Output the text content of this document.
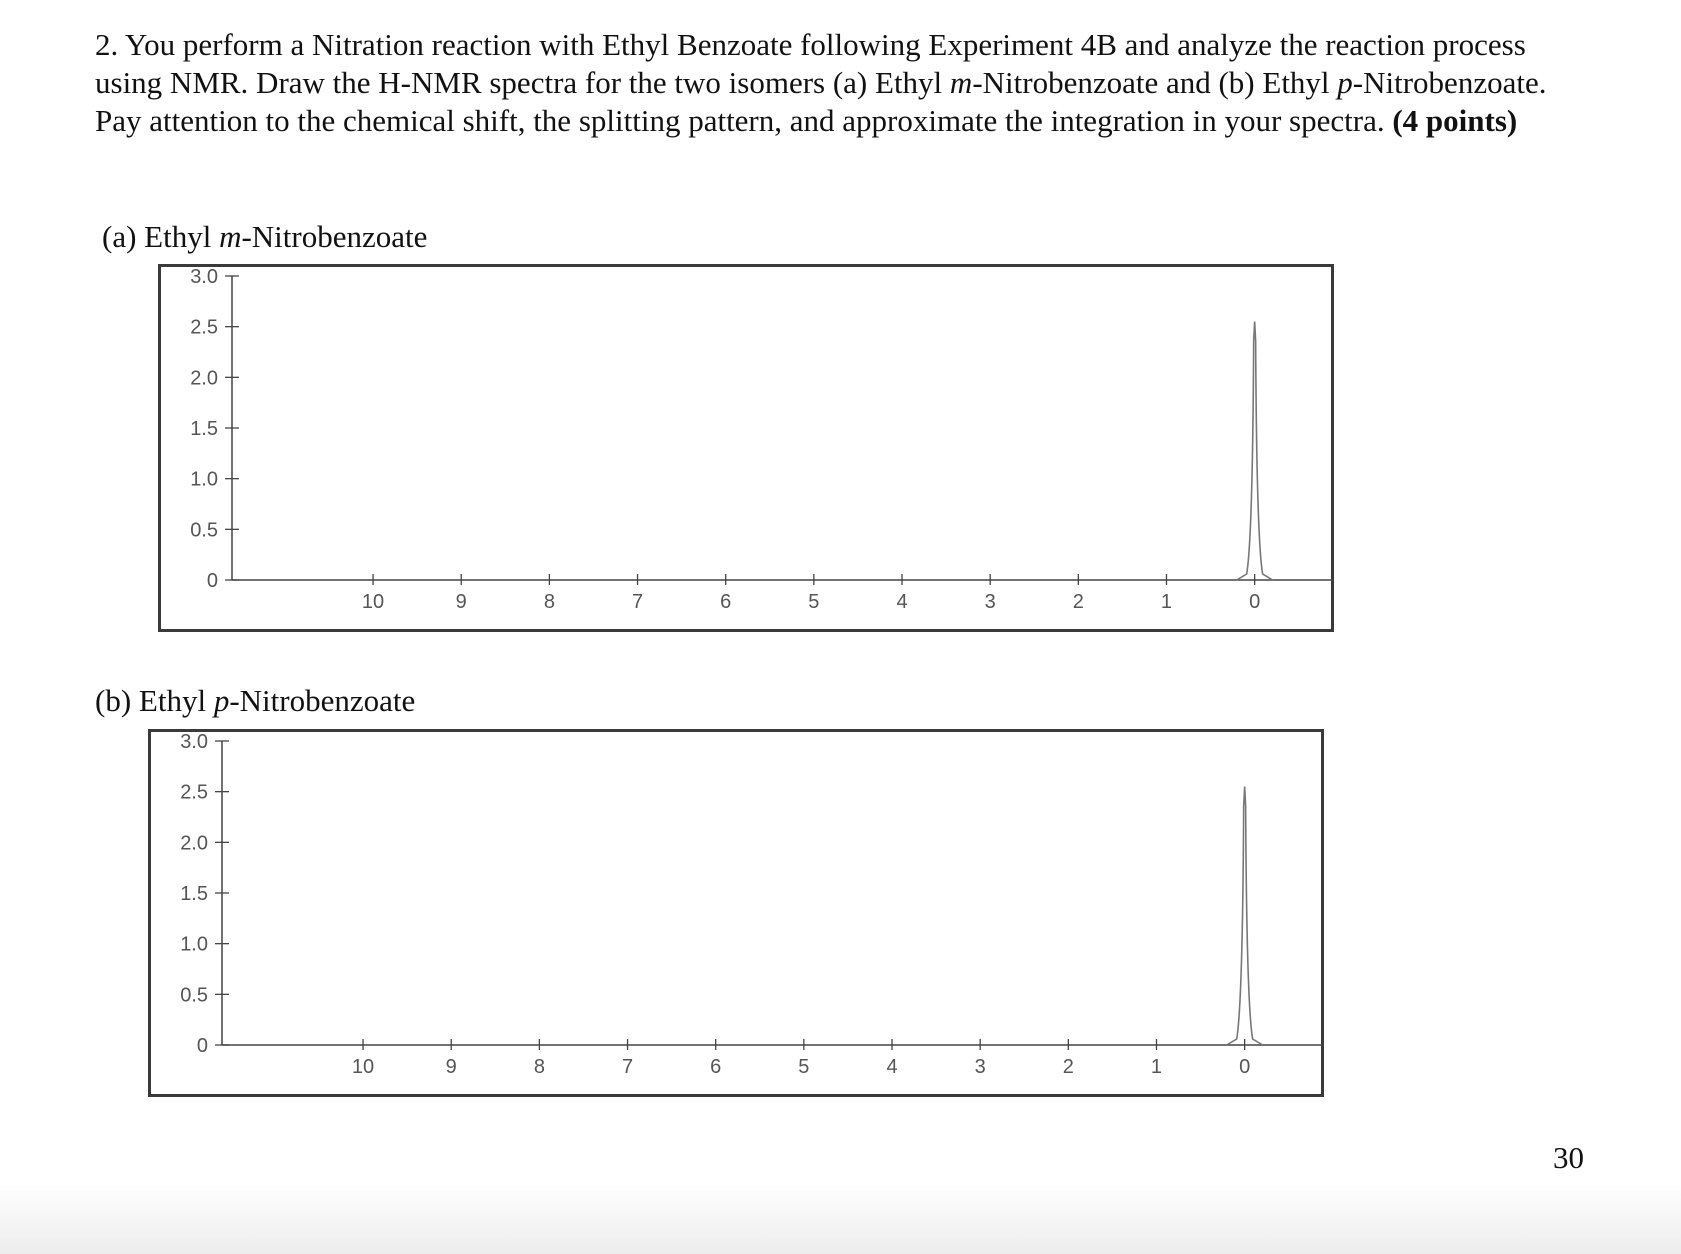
2. You perform a Nitration reaction with Ethyl Benzoate following Experiment 4B and analyze the reaction process using NMR. Draw the H-NMR spectra for the two isomers (a) Ethyl m-Nitrobenzoate and (b) Ethyl p-Nitrobenzoate. Pay attention to the chemical shift, the splitting pattern, and approximate the integration in your spectra. (4 points)

(a) Ethyl m-Nitrobenzoate

3.0
2.5
2.0
1.5
1.0
0.5
0
10	9	8	7	6	5	4	3	2	1	0

(b) Ethyl p-Nitrobenzoate

3.0
2.5
2.0
1.5
1.0
0.5
0
10	9	8	7	6	5	4	3	2	1	0

30
